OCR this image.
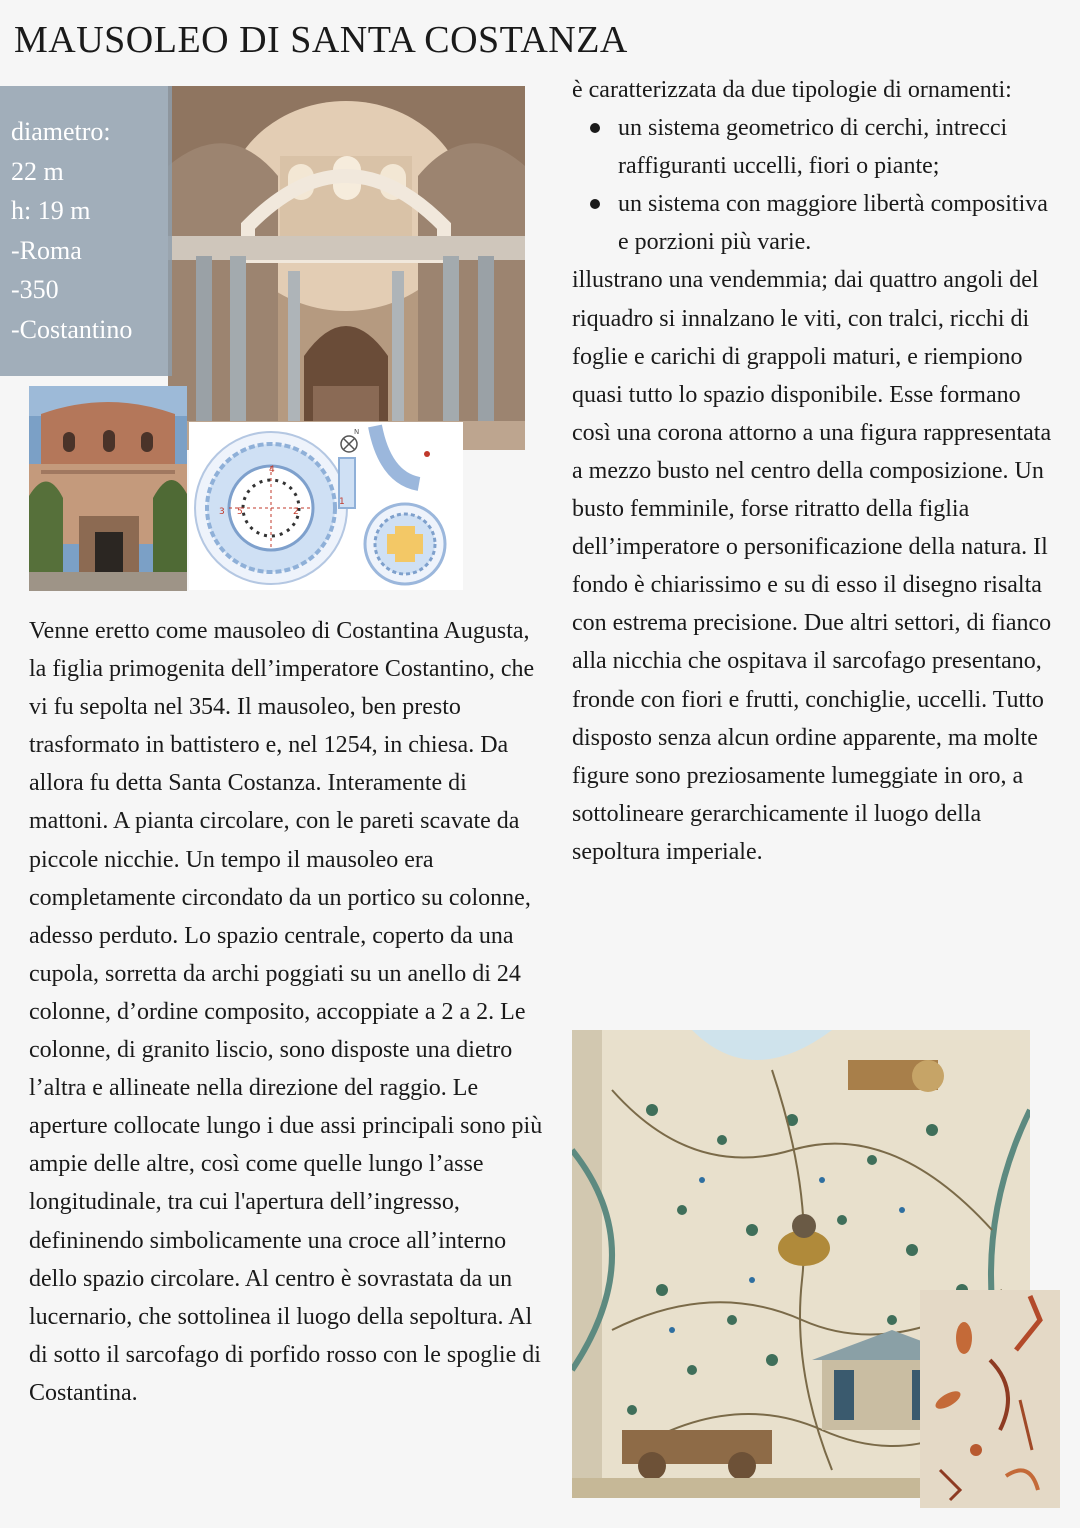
MAUSOLEO DI SANTA COSTANZA
diametro:
22 m
h: 19 m
-Roma
-350
-Costantino
4
5
3	2
1
N

Venne eretto come mausoleo di Costantina Augusta, la figlia primogenita dell’imperatore Costantino, che vi fu sepolta nel 354. Il mausoleo, ben presto trasformato in battistero e, nel 1254, in chiesa. Da allora fu detta Santa Costanza. Interamente di mattoni. A pianta circolare, con le pareti scavate da piccole nicchie. Un tempo il mausoleo era completamente circondato da un portico su colonne, adesso perduto. Lo spazio centrale, coperto da una cupola, sorretta da archi poggiati su un anello di 24 colonne, d’ordine composito, accoppiate a 2 a 2. Le colonne, di granito liscio, sono disposte una dietro l’altra e allineate nella direzione del raggio. Le aperture collocate lungo i due assi principali sono più ampie delle altre, così come quelle lungo l’asse longitudinale, tra cui l'apertura dell’ingresso, defininendo simbolicamente una croce all’interno dello spazio circolare. Al centro è sovrastata da un lucernario, che sottolinea il luogo della sepoltura. Al di sotto il sarcofago di porfido rosso con le spoglie di Costantina.

è caratterizzata da due tipologie di ornamenti:

un sistema geometrico di cerchi, intrecci raffiguranti uccelli, fiori o piante;
un sistema con maggiore libertà compositiva e porzioni più varie.

illustrano una vendemmia; dai quattro angoli del riquadro si innalzano le viti, con tralci, ricchi di foglie e carichi di grappoli maturi, e riempiono quasi tutto lo spazio disponibile. Esse formano così una corona attorno a una figura rappresentata a mezzo busto nel centro della composizione. Un busto femminile, forse ritratto della figlia dell’imperatore o personificazione della natura. Il fondo è chiarissimo e su di esso il disegno risalta con estrema precisione. Due altri settori, di fianco alla nicchia che ospitava il sarcofago presentano, fronde con fiori e frutti, conchiglie, uccelli. Tutto disposto senza alcun ordine apparente, ma molte figure sono preziosamente lumeggiate in oro, a sottolineare gerarchicamente il luogo della sepoltura imperiale.
